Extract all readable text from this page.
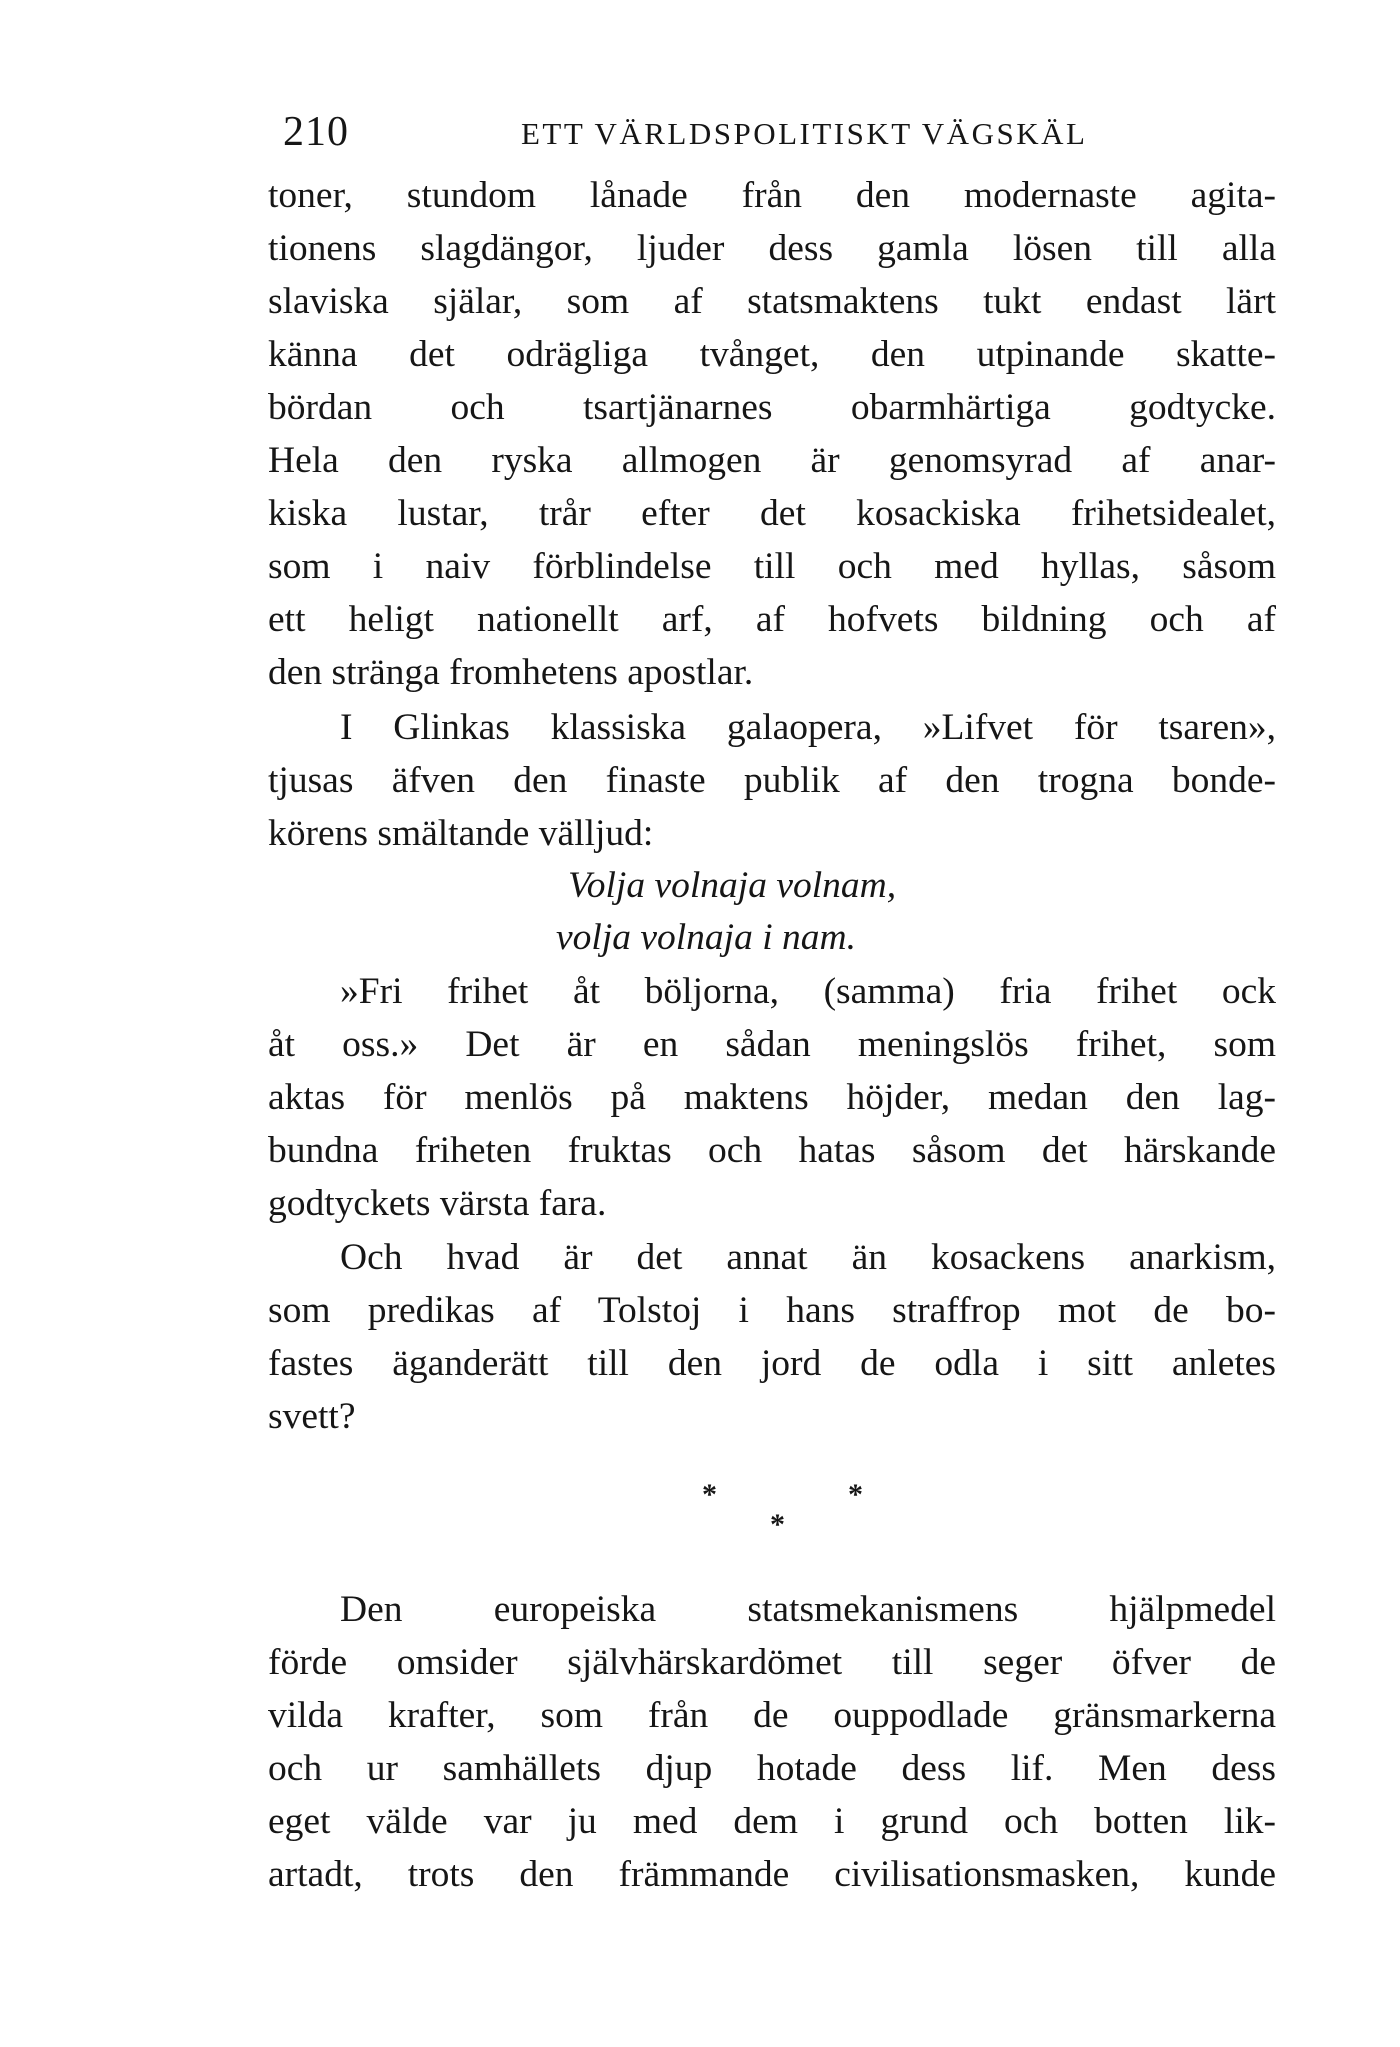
210	ETT VÄRLDSPOLITISKT VÄGSKÄL
toner, stundom lånade från den modernaste agita-
tionens slagdängor, ljuder dess gamla lösen till alla
slaviska själar, som af statsmaktens tukt endast lärt
känna det odrägliga tvånget, den utpinande skatte-
bördan och tsartjänarnes obarmhärtiga godtycke.
Hela den ryska allmogen är genomsyrad af anar-
kiska lustar, trår efter det kosackiska frihetsidealet,
som i naiv förblindelse till och med hyllas, såsom
ett heligt nationellt arf, af hofvets bildning och af
den stränga fromhetens apostlar.
I Glinkas klassiska galaopera, »Lifvet för tsaren»,
tjusas äfven den finaste publik af den trogna bonde-
körens smältande välljud:
Volja volnaja volnam,
volja volnaja i nam.
»Fri frihet åt böljorna, (samma) fria frihet ock
åt oss.» Det är en sådan meningslös frihet, som
aktas för menlös på maktens höjder, medan den lag-
bundna friheten fruktas och hatas såsom det härskande
godtyckets värsta fara.
Och hvad är det annat än kosackens anarkism,
som predikas af Tolstoj i hans straffrop mot de bo-
fastes äganderätt till den jord de odla i sitt anletes
svett?
*	*
*
Den europeiska statsmekanismens hjälpmedel
förde omsider självhärskardömet till seger öfver de
vilda krafter, som från de ouppodlade gränsmarkerna
och ur samhällets djup hotade dess lif. Men dess
eget välde var ju med dem i grund och botten lik-
artadt, trots den främmande civilisationsmasken, kunde
